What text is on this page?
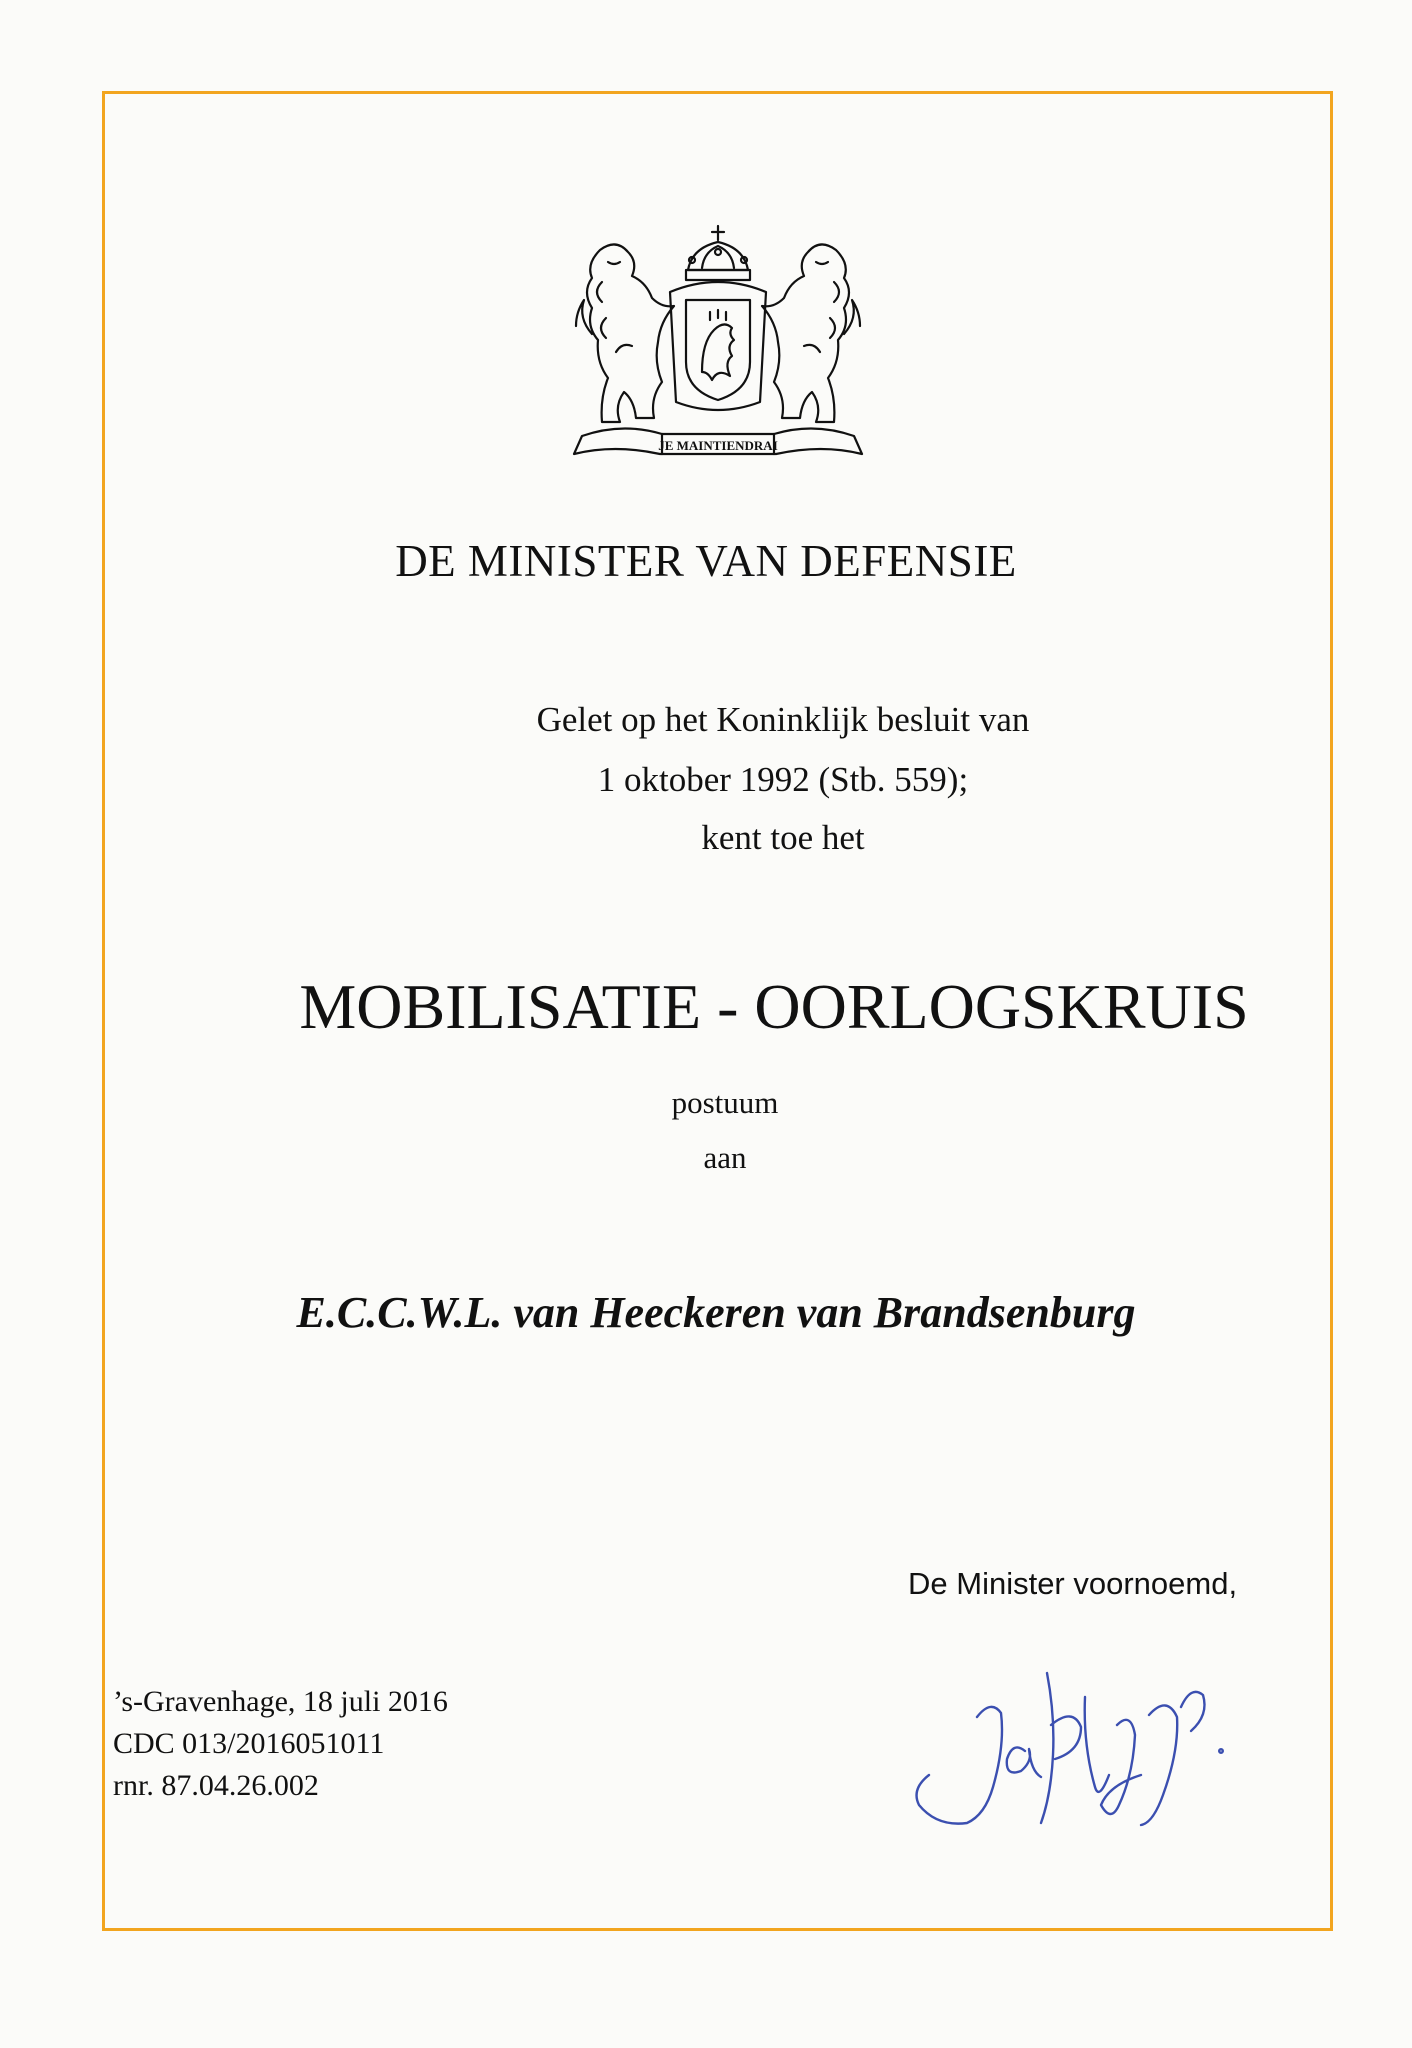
JE MAINTIENDRAI
DE MINISTER VAN DEFENSIE
Gelet op het Koninklijk besluit van
1 oktober 1992 (Stb. 559);
kent toe het
MOBILISATIE - OORLOGSKRUIS
postuum
aan
E.C.C.W.L. van Heeckeren van Brandsenburg
De Minister voornoemd,
’s-Gravenhage, 18 juli 2016
CDC 013/2016051011
rnr. 87.04.26.002
